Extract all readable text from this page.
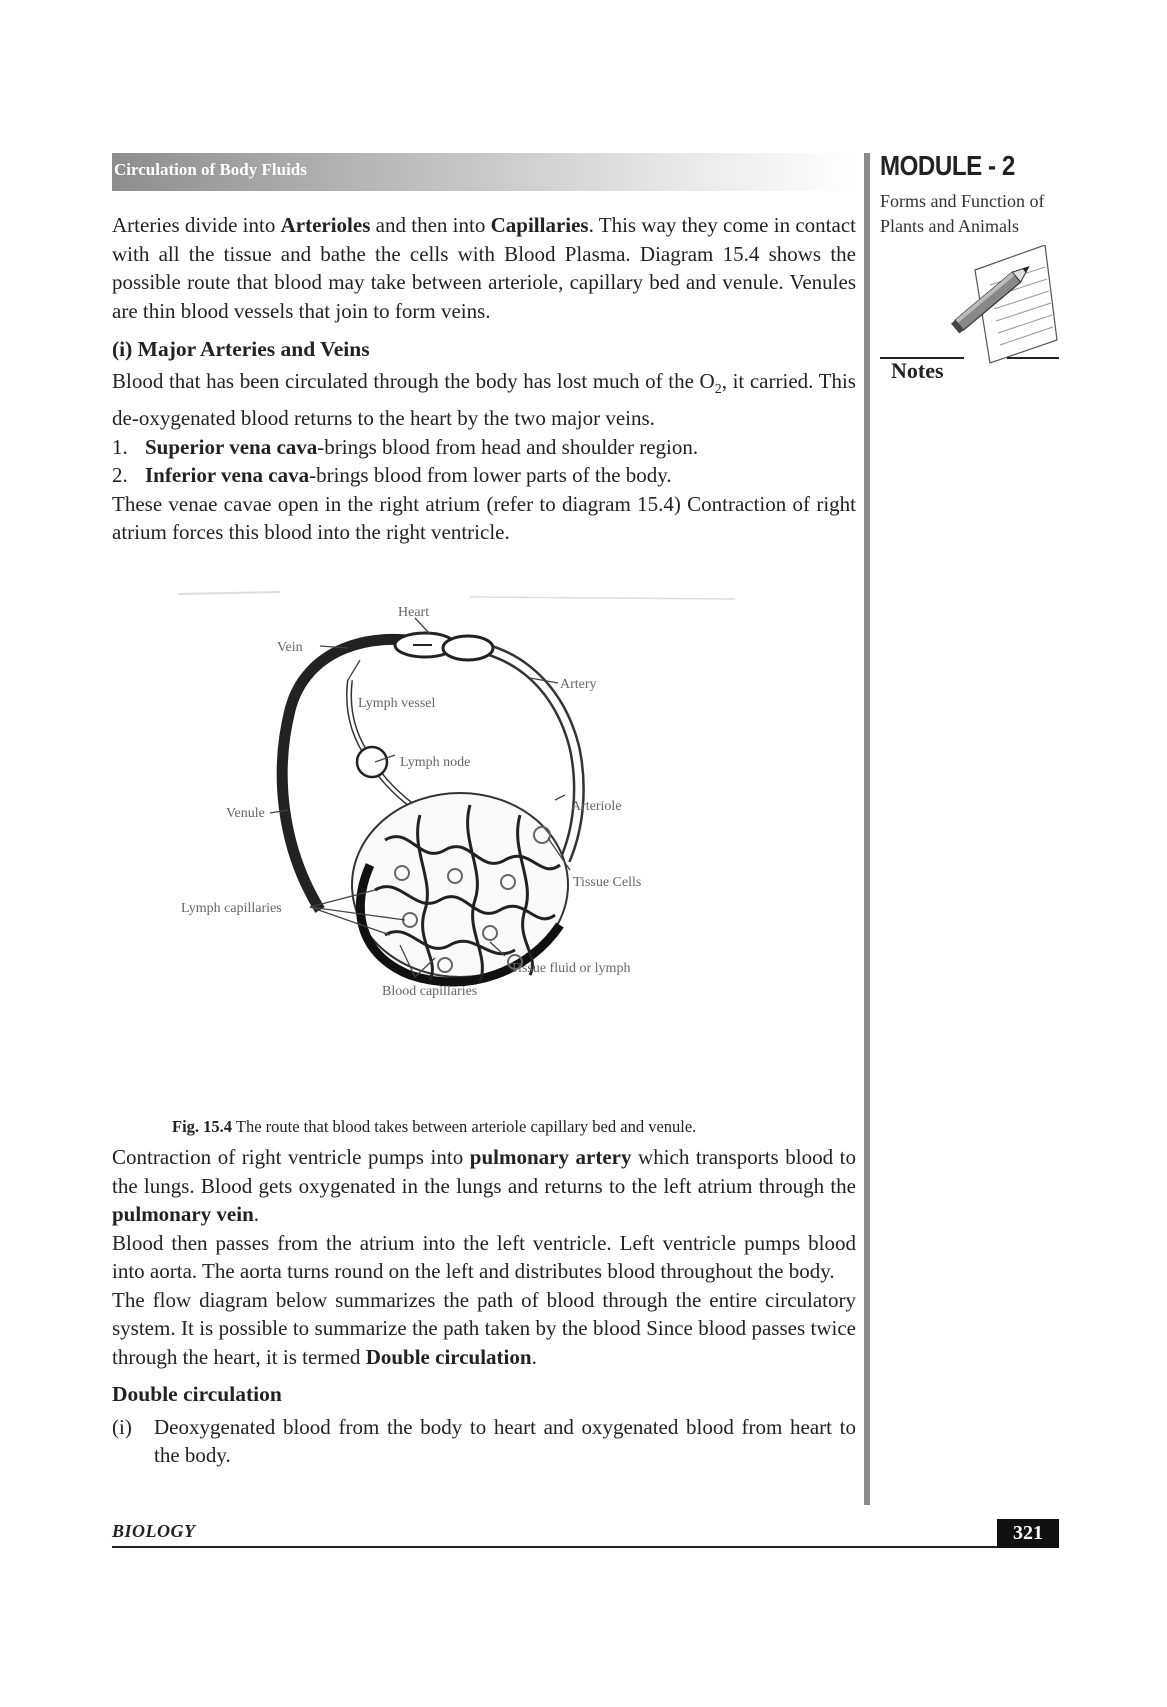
Circulation of Body Fluids	MODULE - 2
Forms and Function of
Plants and Animals
Notes

Arteries divide into Arterioles and then into Capillaries. This way they come in contact with all the tissue and bathe the cells with Blood Plasma. Diagram 15.4 shows the possible route that blood may take between arteriole, capillary bed and venule. Venules are thin blood vessels that join to form veins.

(i) Major Arteries and Veins

Blood that has been circulated through the body has lost much of the $O_2$, it carried. This de-oxygenated blood returns to the heart by the two major veins.

1. Superior vena cava-brings blood from head and shoulder region.
2. Inferior vena cava-brings blood from lower parts of the body.

These venae cavae open in the right atrium (refer to diagram 15.4) Contraction of right atrium forces this blood into the right ventricle.

Heart
Vein
Artery
Lymph vessel
Lymph node
Arteriole
Venule
Tissue Cells
Lymph capillaries
Tissue fluid or lymph
Blood capillaries
Fig. 15.4 The route that blood takes between arteriole capillary bed and venule.

Contraction of right ventricle pumps into pulmonary artery which transports blood to the lungs. Blood gets oxygenated in the lungs and returns to the left atrium through the pulmonary vein.

Blood then passes from the atrium into the left ventricle. Left ventricle pumps blood into aorta. The aorta turns round on the left and distributes blood throughout the body.

The flow diagram below summarizes the path of blood through the entire circulatory system. It is possible to summarize the path taken by the blood Since blood passes twice through the heart, it is termed Double circulation.

Double circulation

(i)	Deoxygenated blood from the body to heart and oxygenated blood from heart to the body.
BIOLOGY	321
